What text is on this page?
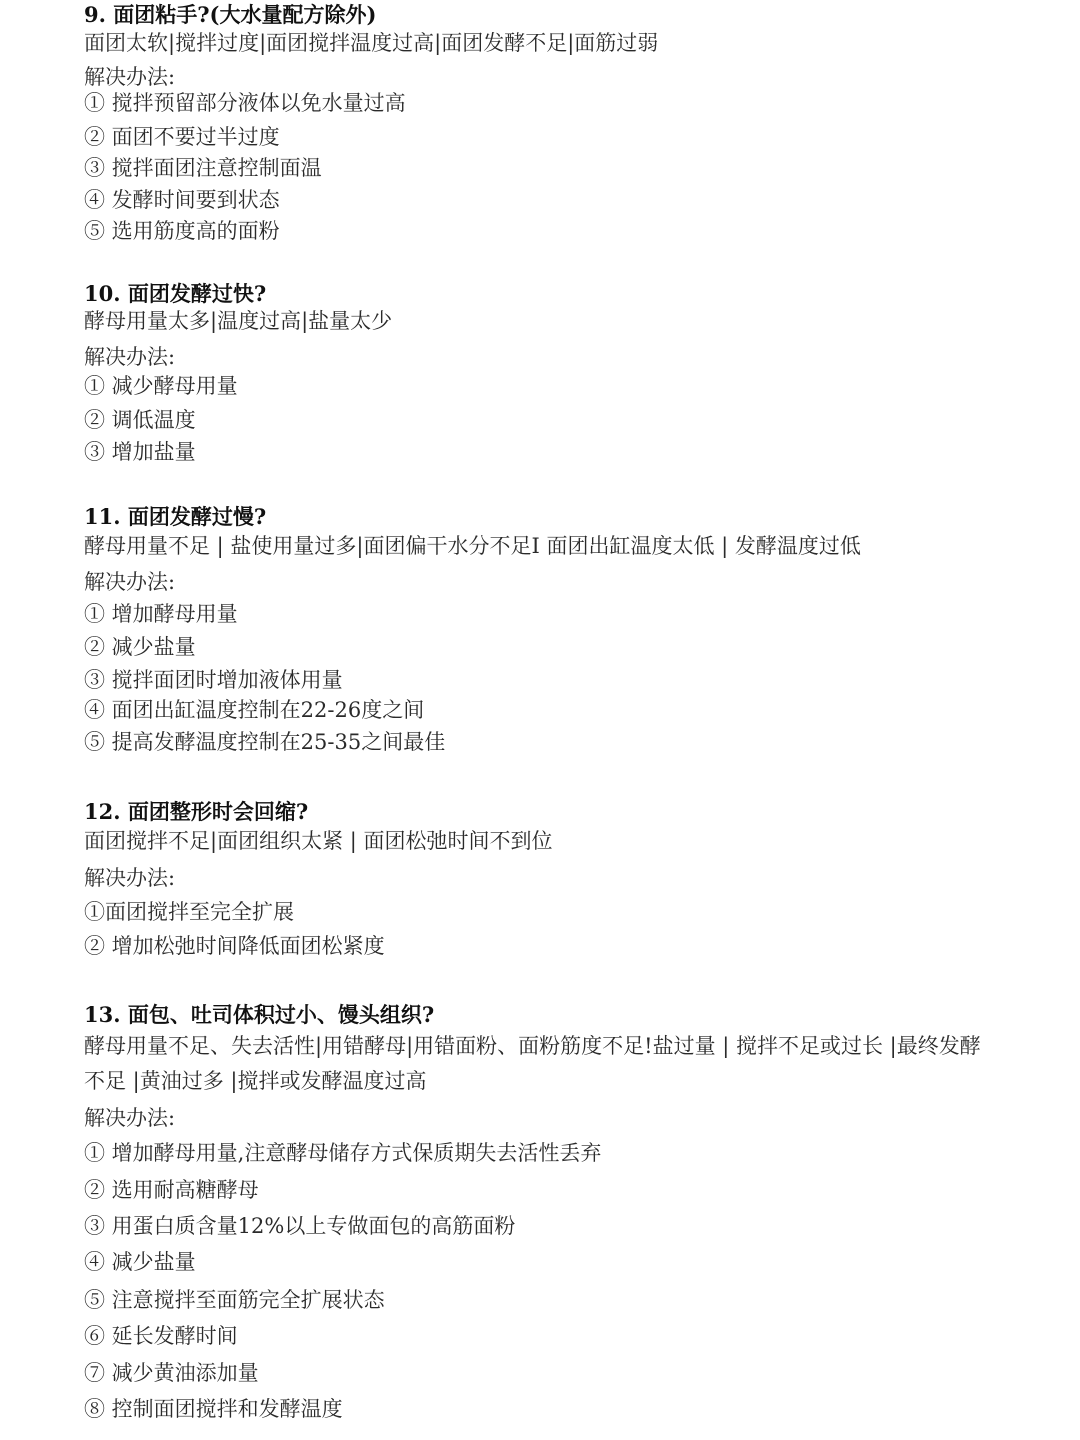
9. 面团粘手?(大水量配方除外)
面团太软|搅拌过度|面团搅拌温度过高|面团发酵不足|面筋过弱
解决办法:
① 搅拌预留部分液体以免水量过高
② 面团不要过半过度
③ 搅拌面团注意控制面温
④ 发酵时间要到状态
⑤ 选用筋度高的面粉
10. 面团发酵过快?
酵母用量太多|温度过高|盐量太少
解决办法:
① 减少酵母用量
② 调低温度
③ 增加盐量
11. 面团发酵过慢?
酵母用量不足 | 盐使用量过多|面团偏干水分不足I 面团出缸温度太低 | 发酵温度过低
解决办法:
① 增加酵母用量
② 减少盐量
③ 搅拌面团时增加液体用量
④ 面团出缸温度控制在22-26度之间
⑤ 提高发酵温度控制在25-35之间最佳
12. 面团整形时会回缩?
面团搅拌不足|面团组织太紧 | 面团松弛时间不到位
解决办法:
①面团搅拌至完全扩展
② 增加松弛时间降低面团松紧度
13. 面包、吐司体积过小、馒头组织?
酵母用量不足、失去活性|用错酵母|用错面粉、面粉筋度不足!盐过量 | 搅拌不足或过长 |最终发酵不足 |黄油过多 |搅拌或发酵温度过高
解决办法:
① 增加酵母用量,注意酵母储存方式保质期失去活性丢弃
② 选用耐高糖酵母
③ 用蛋白质含量12%以上专做面包的高筋面粉
④ 减少盐量
⑤ 注意搅拌至面筋完全扩展状态
⑥ 延长发酵时间
⑦ 减少黄油添加量
⑧ 控制面团搅拌和发酵温度
